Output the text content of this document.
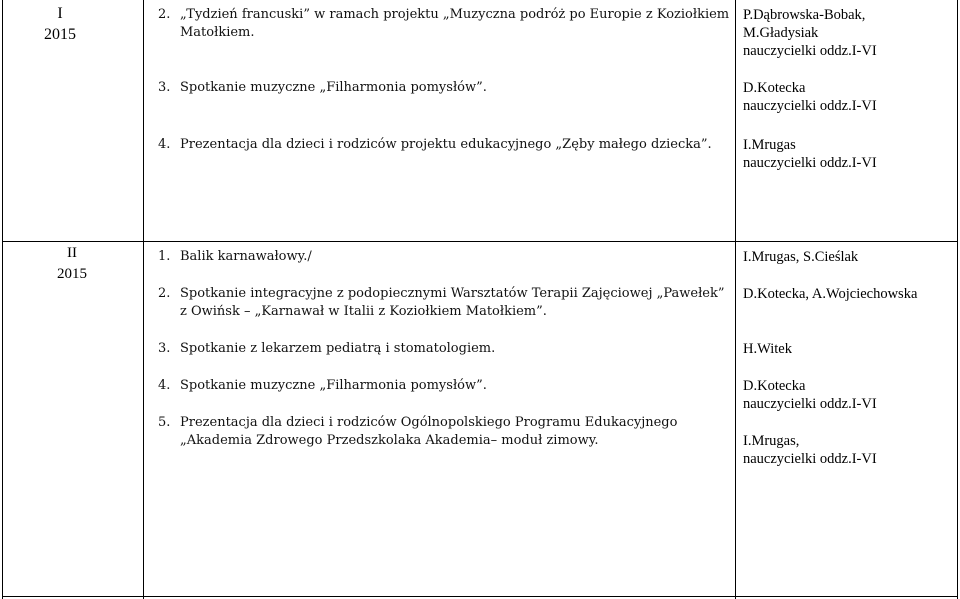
I
2015
2. „Tydzień francuski” w ramach projektu „Muzyczna podróż po Europie z Koziołkiem
Matołkiem.
3. Spotkanie muzyczne „Filharmonia pomysłów”.
4. Prezentacja dla dzieci i rodziców projektu edukacyjnego „Zęby małego dziecka”.
P.Dąbrowska-Bobak,
M.Gładysiak
nauczycielki oddz.I-VI
D.Kotecka
nauczycielki oddz.I-VI
I.Mrugas
nauczycielki oddz.I-VI
II
2015
1. Balik karnawałowy./
2. Spotkanie integracyjne z podopiecznymi Warsztatów Terapii Zajęciowej „Pawełek”
z Owińsk – „Karnawał w Italii z Koziołkiem Matołkiem”.
3. Spotkanie z lekarzem pediatrą i stomatologiem.
4. Spotkanie muzyczne „Filharmonia pomysłów”.
5. Prezentacja dla dzieci i rodziców Ogólnopolskiego Programu Edukacyjnego
„Akademia Zdrowego Przedszkolaka Akademia– moduł zimowy.
I.Mrugas, S.Cieślak
D.Kotecka, A.Wojciechowska
H.Witek
D.Kotecka
nauczycielki oddz.I-VI
I.Mrugas,
nauczycielki oddz.I-VI
